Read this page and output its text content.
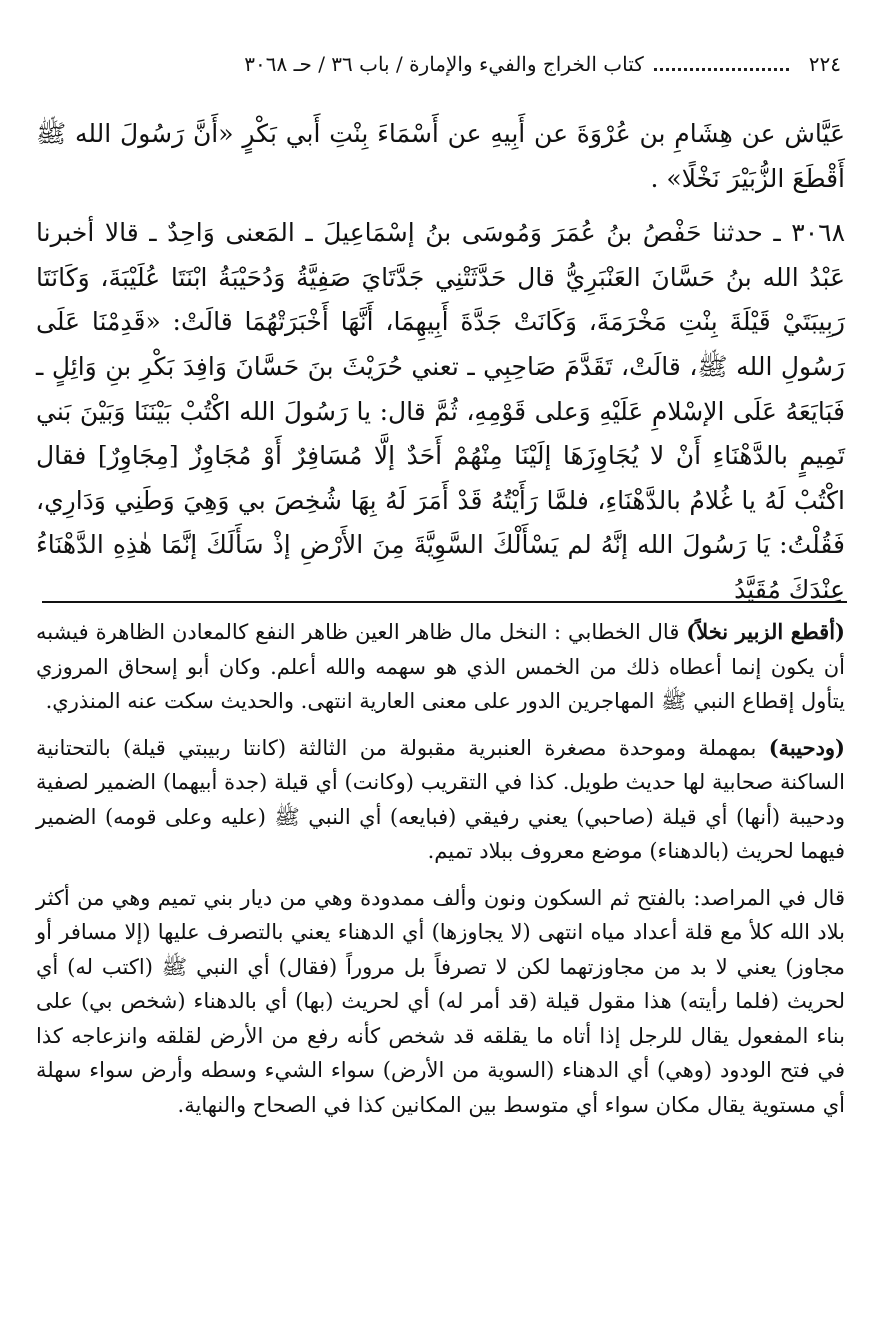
٢٢٤
كتاب الخراج والفيء والإمارة / باب ٣٦ / حـ ٣٠٦٨

عَيَّاش عن هِشَامِ بن عُرْوَةَ عن أَبِيهِ عن أَسْمَاءَ بِنْتِ أَبي بَكْرٍ «أَنَّ رَسُولَ الله ﷺ أَقْطَعَ الزُّبَيْرَ نَخْلًا» .

٣٠٦٨ ـ حدثنا حَفْصُ بنُ عُمَرَ وَمُوسَى بنُ إسْمَاعِيلَ ـ المَعنى وَاحِدٌ ـ قالا أخبرنا عَبْدُ الله بنُ حَسَّانَ العَنْبَرِيُّ قال حَدَّثَتْنِي جَدَّتَايَ صَفِيَّةُ وَدُحَيْبَةُ ابْنَتَا عُلَيْبَةَ، وَكَانَتَا رَبِيبَتَيْ قَيْلَةَ بِنْتِ مَخْرَمَةَ، وَكَانَتْ جَدَّةَ أَبِيهِمَا، أَنَّهَا أَخْبَرَتْهُمَا قالَتْ: «قَدِمْنَا عَلَى رَسُولِ الله ﷺ، قالَتْ، تَقَدَّمَ صَاحِبِي ـ تعني حُرَيْثَ بنَ حَسَّانَ وَافِدَ بَكْرِ بنِ وَائِلٍ ـ فَبَايَعَهُ عَلَى الإسْلامِ عَلَيْهِ وَعلى قَوْمِهِ، ثُمَّ قال: يا رَسُولَ الله اكْتُبْ بَيْنَنَا وَبَيْنَ بَني تَمِيمٍ بالدَّهْنَاءِ أَنْ لا يُجَاوِزَهَا إلَيْنَا مِنْهُمْ أَحَدٌ إلَّا مُسَافِرٌ أَوْ مُجَاوِزٌ [مِجَاوِرٌ] فقال اكْتُبْ لَهُ يا غُلامُ بالدَّهْنَاءِ، فلمَّا رَأَيْتُهُ قَدْ أَمَرَ لَهُ بِهَا شُخِصَ بي وَهِيَ وَطَنِي وَدَارِي، فَقُلْتُ: يَا رَسُولَ الله إنَّهُ لم يَسْأَلْكَ السَّوِيَّةَ مِنَ الأَرْضِ إذْ سَأَلَكَ إنَّمَا هٰذِهِ الدَّهْنَاءُ عِنْدَكَ مُقَيَّدُ

(أقطع الزبير نخلاً) قال الخطابي : النخل مال ظاهر العين ظاهر النفع كالمعادن الظاهرة فيشبه أن يكون إنما أعطاه ذلك من الخمس الذي هو سهمه والله أعلم. وكان أبو إسحاق المروزي يتأول إقطاع النبي ﷺ المهاجرين الدور على معنى العارية انتهى. والحديث سكت عنه المنذري.

(ودحيبة) بمهملة وموحدة مصغرة العنبرية مقبولة من الثالثة (كانتا ربيبتي قيلة) بالتحتانية الساكنة صحابية لها حديث طويل. كذا في التقريب (وكانت) أي قيلة (جدة أبيهما) الضمير لصفية ودحيبة (أنها) أي قيلة (صاحبي) يعني رفيقي (فبايعه) أي النبي ﷺ (عليه وعلى قومه) الضمير فيهما لحريث (بالدهناء) موضع معروف ببلاد تميم.

قال في المراصد: بالفتح ثم السكون ونون وألف ممدودة وهي من ديار بني تميم وهي من أكثر بلاد الله كلأ مع قلة أعداد مياه انتهى (لا يجاوزها) أي الدهناء يعني بالتصرف عليها (إلا مسافر أو مجاوز) يعني لا بد من مجاوزتهما لكن لا تصرفاً بل مروراً (فقال) أي النبي ﷺ (اكتب له) أي لحريث (فلما رأيته) هذا مقول قيلة (قد أمر له) أي لحريث (بها) أي بالدهناء (شخص بي) على بناء المفعول يقال للرجل إذا أتاه ما يقلقه قد شخص كأنه رفع من الأرض لقلقه وانزعاجه كذا في فتح الودود (وهي) أي الدهناء (السوية من الأرض) سواء الشيء وسطه وأرض سواء سهلة أي مستوية يقال مكان سواء أي متوسط بين المكانين كذا في الصحاح والنهاية.
